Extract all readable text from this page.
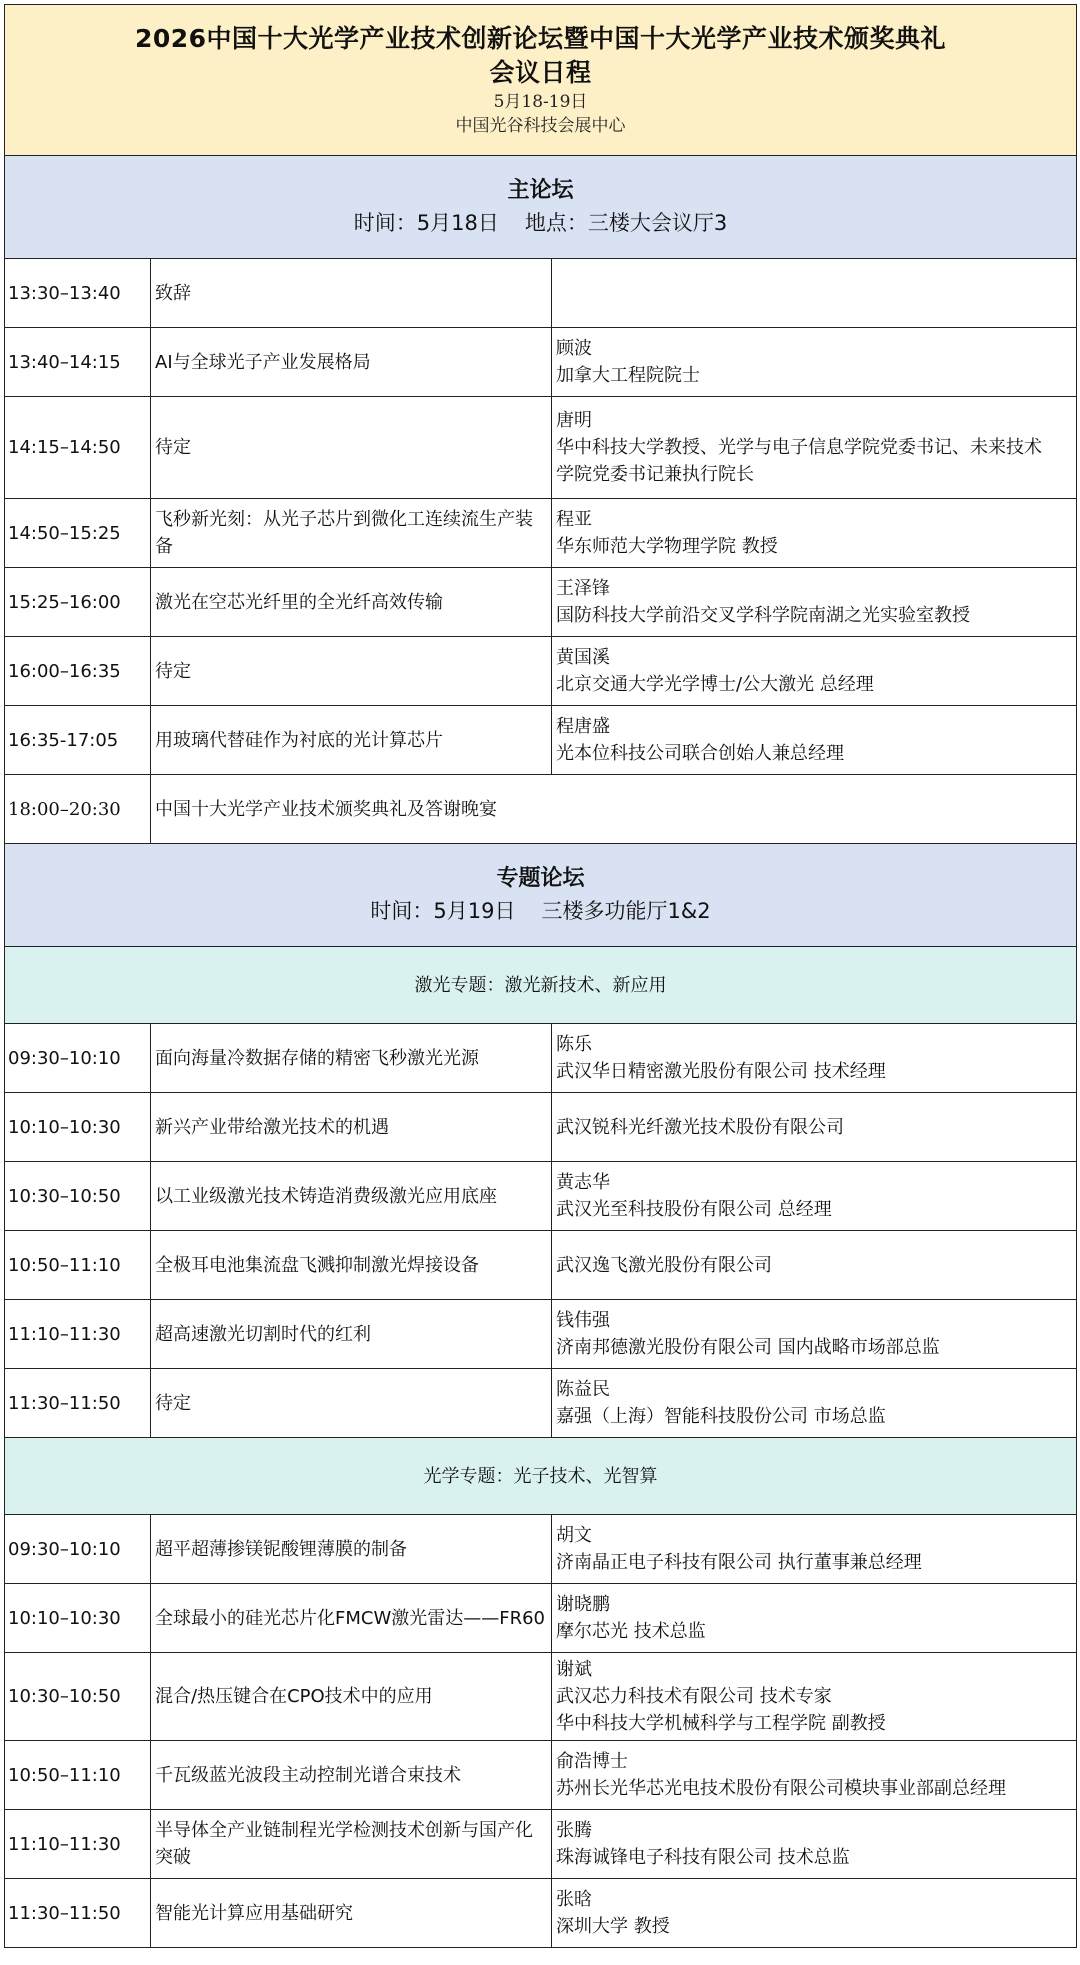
2026中国十大光学产业技术创新论坛暨中国十大光学产业技术颁奖典礼
会议日程
5月18-19日
中国光谷科技会展中心		

主论坛
时间：5月18日 地点：三楼大会议厅3		

13:30–13:40	致辞	
13:40–14:15	AI与全球光子产业发展格局	顾波
加拿大工程院院士

14:15–14:50	待定	唐明
华中科技大学教授、光学与电子信息学院党委书记、未来技术
学院党委书记兼执行院长

14:50–15:25	飞秒新光刻：从光子芯片到微化工连续流生产装备	程亚
华东师范大学物理学院 教授

15:25–16:00	激光在空芯光纤里的全光纤高效传输	王泽锋
国防科技大学前沿交叉学科学院南湖之光实验室教授

16:00–16:35	待定	黄国溪
北京交通大学光学博士/公大激光 总经理

16:35-17:05	用玻璃代替硅作为衬底的光计算芯片	程唐盛
光本位科技公司联合创始人兼总经理

18:00–20:30	中国十大光学产业技术颁奖典礼及答谢晚宴	

专题论坛
时间：5月19日 三楼多功能厅1&2		

激光专题：激光新技术、新应用		
09:30–10:10	面向海量冷数据存储的精密飞秒激光光源	陈乐
武汉华日精密激光股份有限公司 技术经理

10:10–10:30	新兴产业带给激光技术的机遇	武汉锐科光纤激光技术股份有限公司

10:30–10:50	以工业级激光技术铸造消费级激光应用底座	黄志华
武汉光至科技股份有限公司 总经理

10:50–11:10	全极耳电池集流盘飞溅抑制激光焊接设备	武汉逸飞激光股份有限公司

11:10–11:30	超高速激光切割时代的红利	钱伟强
济南邦德激光股份有限公司 国内战略市场部总监

11:30–11:50	待定	陈益民
嘉强（上海）智能科技股份公司 市场总监

光学专题：光子技术、光智算		
09:30–10:10	超平超薄掺镁铌酸锂薄膜的制备	胡文
济南晶正电子科技有限公司 执行董事兼总经理

10:10–10:30	全球最小的硅光芯片化FMCW激光雷达——FR60	谢晓鹏
摩尔芯光 技术总监

10:30–10:50	混合/热压键合在CPO技术中的应用	谢斌
武汉芯力科技术有限公司 技术专家
华中科技大学机械科学与工程学院 副教授

10:50–11:10	千瓦级蓝光波段主动控制光谱合束技术	俞浩博士
苏州长光华芯光电技术股份有限公司模块事业部副总经理

11:10–11:30	半导体全产业链制程光学检测技术创新与国产化突破	张腾
珠海诚锋电子科技有限公司 技术总监

11:30–11:50	智能光计算应用基础研究	张晗
深圳大学 教授
